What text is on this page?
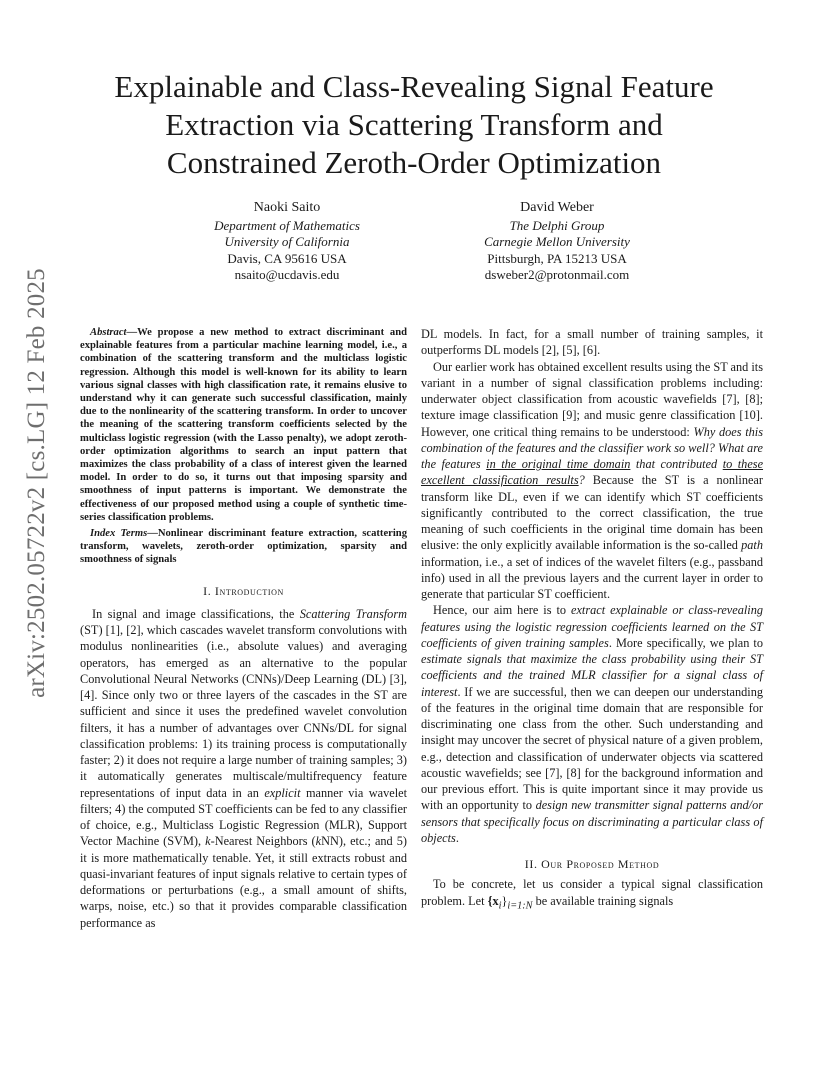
arXiv:2502.05722v2 [cs.LG] 12 Feb 2025
Explainable and Class-Revealing Signal Feature
Extraction via Scattering Transform and
Constrained Zeroth-Order Optimization
Naoki Saito
Department of Mathematics
University of California
Davis, CA 95616 USA
nsaito@ucdavis.edu
David Weber
The Delphi Group
Carnegie Mellon University
Pittsburgh, PA 15213 USA
dsweber2@protonmail.com

Abstract—We propose a new method to extract discriminant and explainable features from a particular machine learning model, i.e., a combination of the scattering transform and the multiclass logistic regression. Although this model is well-known for its ability to learn various signal classes with high classification rate, it remains elusive to understand why it can generate such successful classification, mainly due to the nonlinearity of the scattering transform. In order to uncover the meaning of the scattering transform coefficients selected by the multiclass logistic regression (with the Lasso penalty), we adopt zeroth-order optimization algorithms to search an input pattern that maximizes the class probability of a class of interest given the learned model. In order to do so, it turns out that imposing sparsity and smoothness of input patterns is important. We demonstrate the effectiveness of our proposed method using a couple of synthetic time-series classification problems.

Index Terms—Nonlinear discriminant feature extraction, scattering transform, wavelets, zeroth-order optimization, sparsity and smoothness of signals

I. Introduction

In signal and image classifications, the Scattering Transform (ST) [1], [2], which cascades wavelet transform convolutions with modulus nonlinearities (i.e., absolute values) and averaging operators, has emerged as an alternative to the popular Convolutional Neural Networks (CNNs)/Deep Learning (DL) [3], [4]. Since only two or three layers of the cascades in the ST are sufficient and since it uses the predefined wavelet convolution filters, it has a number of advantages over CNNs/DL for signal classification problems: 1) its training process is computationally faster; 2) it does not require a large number of training samples; 3) it automatically generates multiscale/multifrequency feature representations of input data in an explicit manner via wavelet filters; 4) the computed ST coefficients can be fed to any classifier of choice, e.g., Multiclass Logistic Regression (MLR), Support Vector Machine (SVM), k-Nearest Neighbors (kNN), etc.; and 5) it is more mathematically tenable. Yet, it still extracts robust and quasi-invariant features of input signals relative to certain types of deformations or perturbations (e.g., a small amount of shifts, warps, noise, etc.) so that it provides comparable classification performance as

DL models. In fact, for a small number of training samples, it outperforms DL models [2], [5], [6].

Our earlier work has obtained excellent results using the ST and its variant in a number of signal classification problems including: underwater object classification from acoustic wavefields [7], [8]; texture image classification [9]; and music genre classification [10]. However, one critical thing remains to be understood: Why does this combination of the features and the classifier work so well? What are the features in the original time domain that contributed to these excellent classification results? Because the ST is a nonlinear transform like DL, even if we can identify which ST coefficients significantly contributed to the correct classification, the true meaning of such coefficients in the original time domain has been elusive: the only explicitly available information is the so-called path information, i.e., a set of indices of the wavelet filters (e.g., passband info) used in all the previous layers and the current layer in order to generate that particular ST coefficient.

Hence, our aim here is to extract explainable or class-revealing features using the logistic regression coefficients learned on the ST coefficients of given training samples. More specifically, we plan to estimate signals that maximize the class probability using their ST coefficients and the trained MLR classifier for a signal class of interest. If we are successful, then we can deepen our understanding of the features in the original time domain that are responsible for discriminating one class from the other. Such understanding and insight may uncover the secret of physical nature of a given problem, e.g., detection and classification of underwater objects via scattered acoustic wavefields; see [7], [8] for the background information and our previous effort. This is quite important since it may provide us with an opportunity to design new transmitter signal patterns and/or sensors that specifically focus on discriminating a particular class of objects.

II. Our Proposed Method

To be concrete, let us consider a typical signal classification problem. Let $\{x_i\}_{i=1:N}$ be available training signals
